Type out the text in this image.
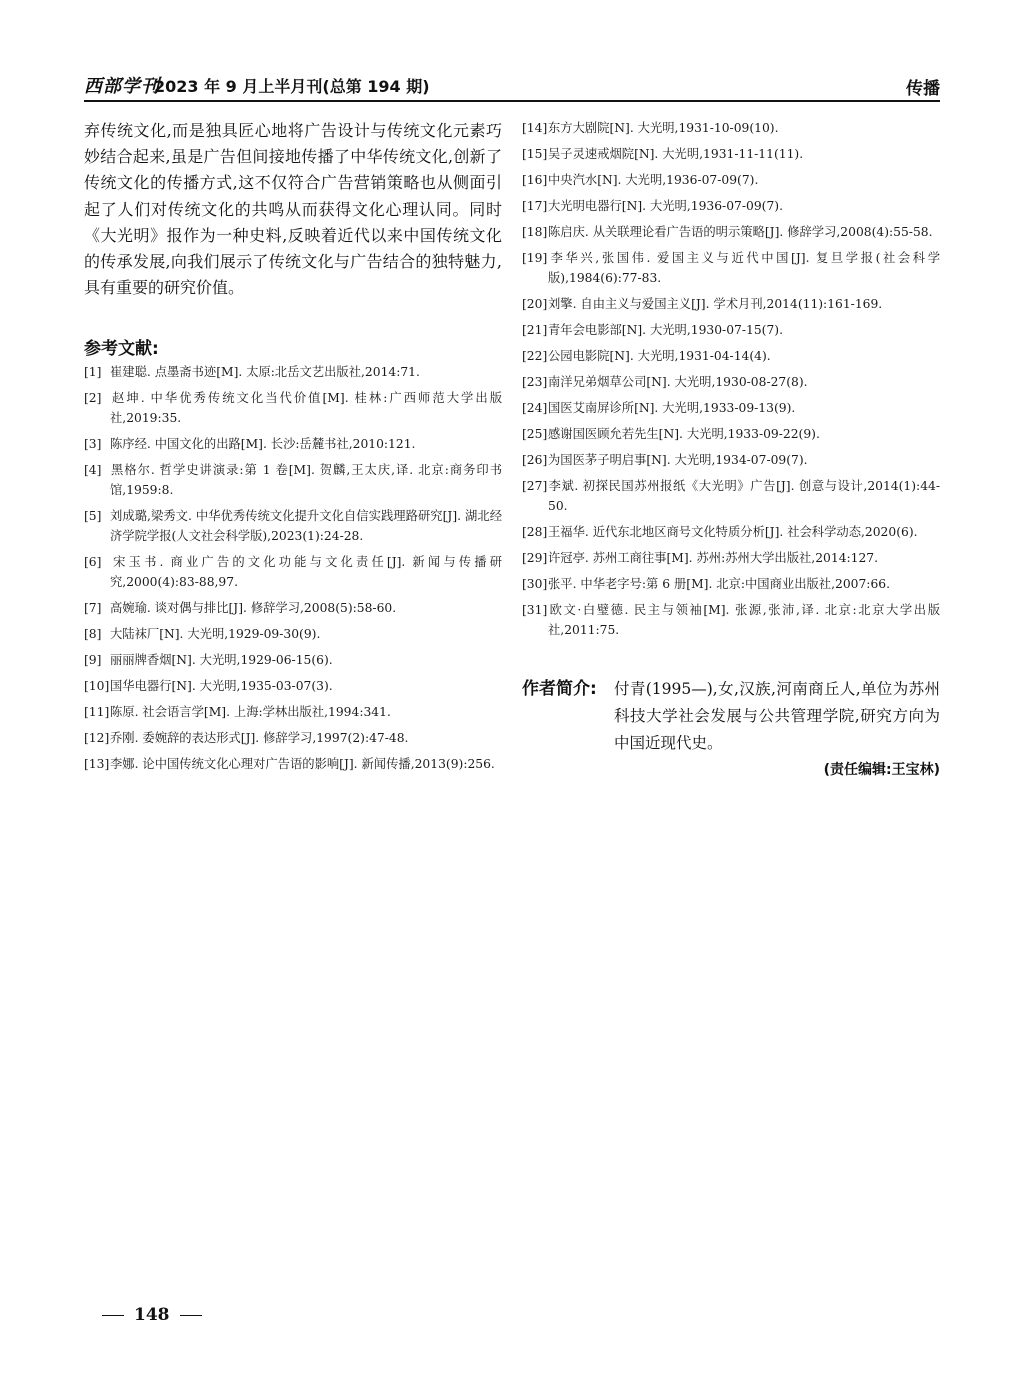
西部学刊
2023 年 9 月上半月刊(总第 194 期)	传播

弃传统文化,而是独具匠心地将广告设计与传统文化元素巧妙结合起来,虽是广告但间接地传播了中华传统文化,创新了传统文化的传播方式,这不仅符合广告营销策略也从侧面引起了人们对传统文化的共鸣从而获得文化心理认同。同时《大光明》报作为一种史料,反映着近代以来中国传统文化的传承发展,向我们展示了传统文化与广告结合的独特魅力,具有重要的研究价值。

参考文献:
[1] 崔建聪. 点墨斋书迹[M]. 太原:北岳文艺出版社,2014:71.
[2] 赵坤. 中华优秀传统文化当代价值[M]. 桂林:广西师范大学出版社,2019:35.
[3] 陈序经. 中国文化的出路[M]. 长沙:岳麓书社,2010:121.
[4] 黑格尔. 哲学史讲演录:第 1 卷[M]. 贺麟,王太庆,译. 北京:商务印书馆,1959:8.
[5] 刘成璐,梁秀文. 中华优秀传统文化提升文化自信实践理路研究[J]. 湖北经济学院学报(人文社会科学版),2023(1):24-28.
[6] 宋玉书. 商业广告的文化功能与文化责任[J]. 新闻与传播研究,2000(4):83-88,97.
[7] 高婉瑜. 谈对偶与排比[J]. 修辞学习,2008(5):58-60.
[8] 大陆袜厂[N]. 大光明,1929-09-30(9).
[9] 丽丽牌香烟[N]. 大光明,1929-06-15(6).
[10]国华电器行[N]. 大光明,1935-03-07(3).
[11]陈原. 社会语言学[M]. 上海:学林出版社,1994:341.
[12]乔刚. 委婉辞的表达形式[J]. 修辞学习,1997(2):47-48.
[13]李娜. 论中国传统文化心理对广告语的影响[J]. 新闻传播,2013(9):256.
[14]东方大剧院[N]. 大光明,1931-10-09(10).
[15]吴子灵速戒烟院[N]. 大光明,1931-11-11(11).
[16]中央汽水[N]. 大光明,1936-07-09(7).
[17]大光明电器行[N]. 大光明,1936-07-09(7).
[18]陈启庆. 从关联理论看广告语的明示策略[J]. 修辞学习,2008(4):55-58.
[19]李华兴,张国伟. 爱国主义与近代中国[J]. 复旦学报(社会科学版),1984(6):77-83.
[20]刘擎. 自由主义与爱国主义[J]. 学术月刊,2014(11):161-169.
[21]青年会电影部[N]. 大光明,1930-07-15(7).
[22]公园电影院[N]. 大光明,1931-04-14(4).
[23]南洋兄弟烟草公司[N]. 大光明,1930-08-27(8).
[24]国医艾南屏诊所[N]. 大光明,1933-09-13(9).
[25]感谢国医顾允若先生[N]. 大光明,1933-09-22(9).
[26]为国医茅子明启事[N]. 大光明,1934-07-09(7).
[27]李斌. 初探民国苏州报纸《大光明》广告[J]. 创意与设计,2014(1):44-50.
[28]王福华. 近代东北地区商号文化特质分析[J]. 社会科学动态,2020(6).
[29]许冠亭. 苏州工商往事[M]. 苏州:苏州大学出版社,2014:127.
[30]张平. 中华老字号:第 6 册[M]. 北京:中国商业出版社,2007:66.
[31]欧文·白璧德. 民主与领袖[M]. 张源,张沛,译. 北京:北京大学出版社,2011:75.
作者简介: 付青(1995—),女,汉族,河南商丘人,单位为苏州科技大学社会发展与公共管理学院,研究方向为中国近现代史。
(责任编辑:王宝林)
148
